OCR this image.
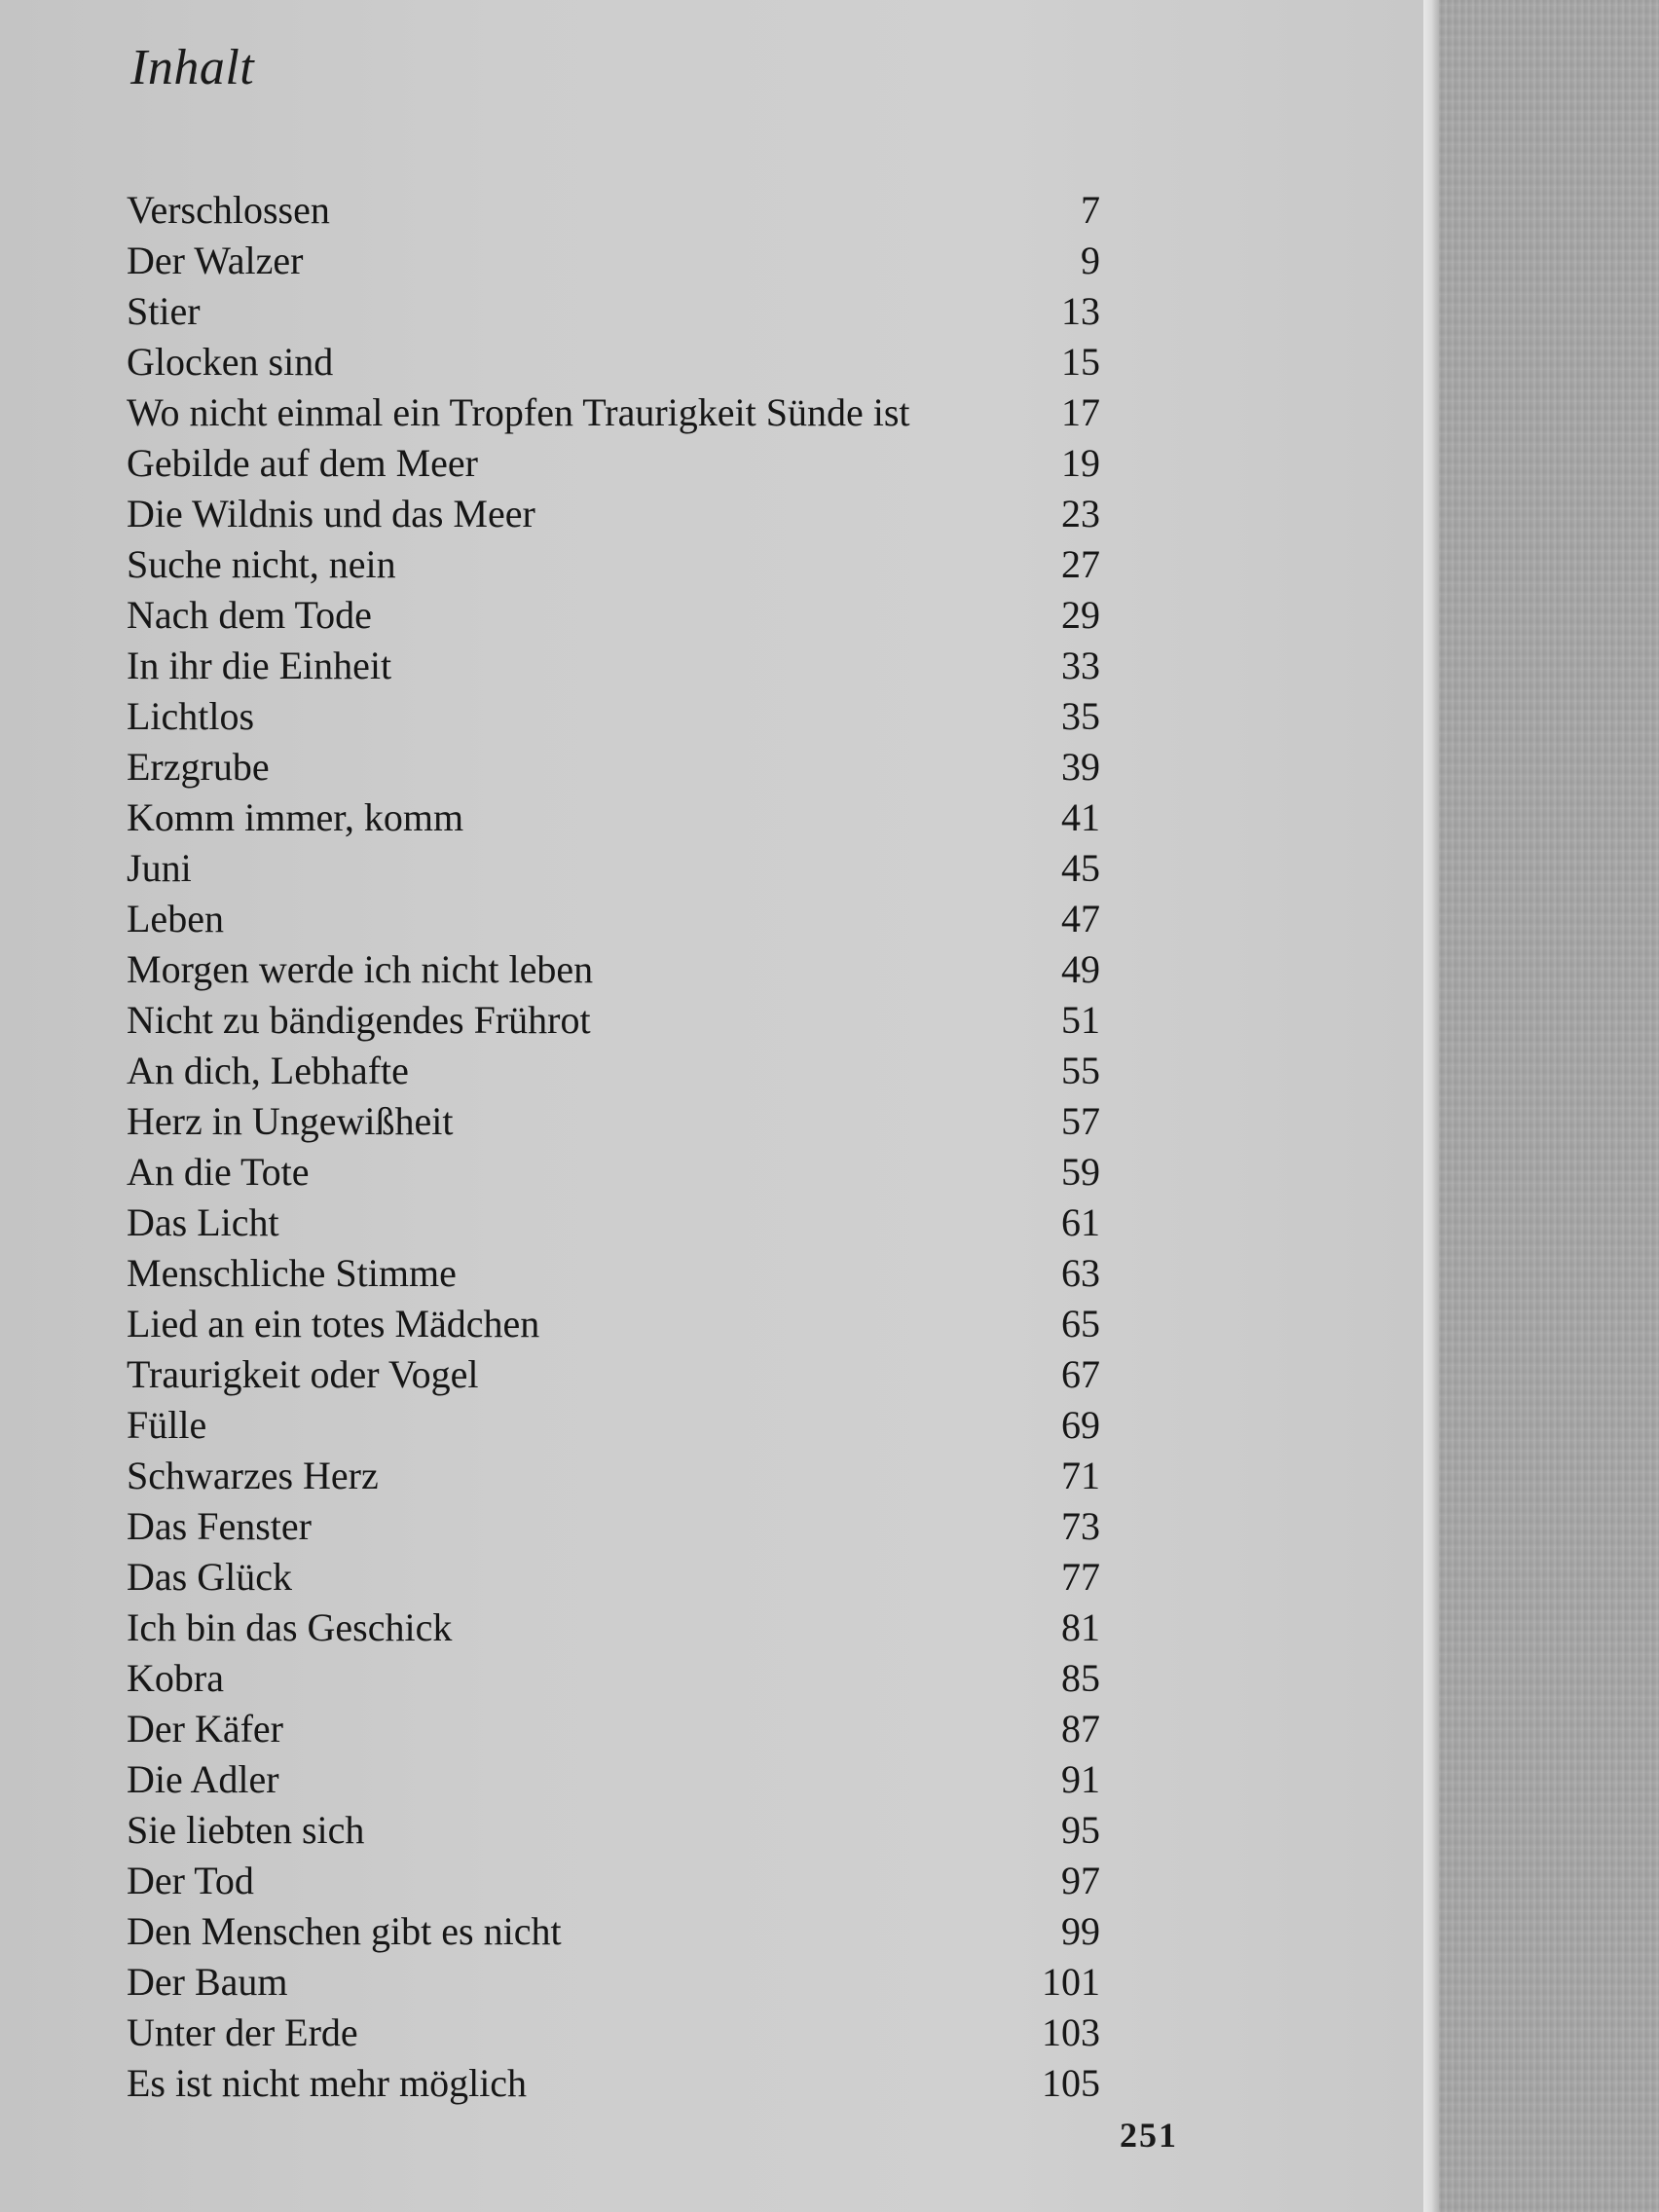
Inhalt
Verschlossen	7
Der Walzer	9
Stier	13
Glocken sind	15
Wo nicht einmal ein Tropfen Traurigkeit Sünde ist	17
Gebilde auf dem Meer	19
Die Wildnis und das Meer	23
Suche nicht, nein	27
Nach dem Tode	29
In ihr die Einheit	33
Lichtlos	35
Erzgrube	39
Komm immer, komm	41
Juni	45
Leben	47
Morgen werde ich nicht leben	49
Nicht zu bändigendes Frührot	51
An dich, Lebhafte	55
Herz in Ungewißheit	57
An die Tote	59
Das Licht	61
Menschliche Stimme	63
Lied an ein totes Mädchen	65
Traurigkeit oder Vogel	67
Fülle	69
Schwarzes Herz	71
Das Fenster	73
Das Glück	77
Ich bin das Geschick	81
Kobra	85
Der Käfer	87
Die Adler	91
Sie liebten sich	95
Der Tod	97
Den Menschen gibt es nicht	99
Der Baum	101
Unter der Erde	103
Es ist nicht mehr möglich	105
251
